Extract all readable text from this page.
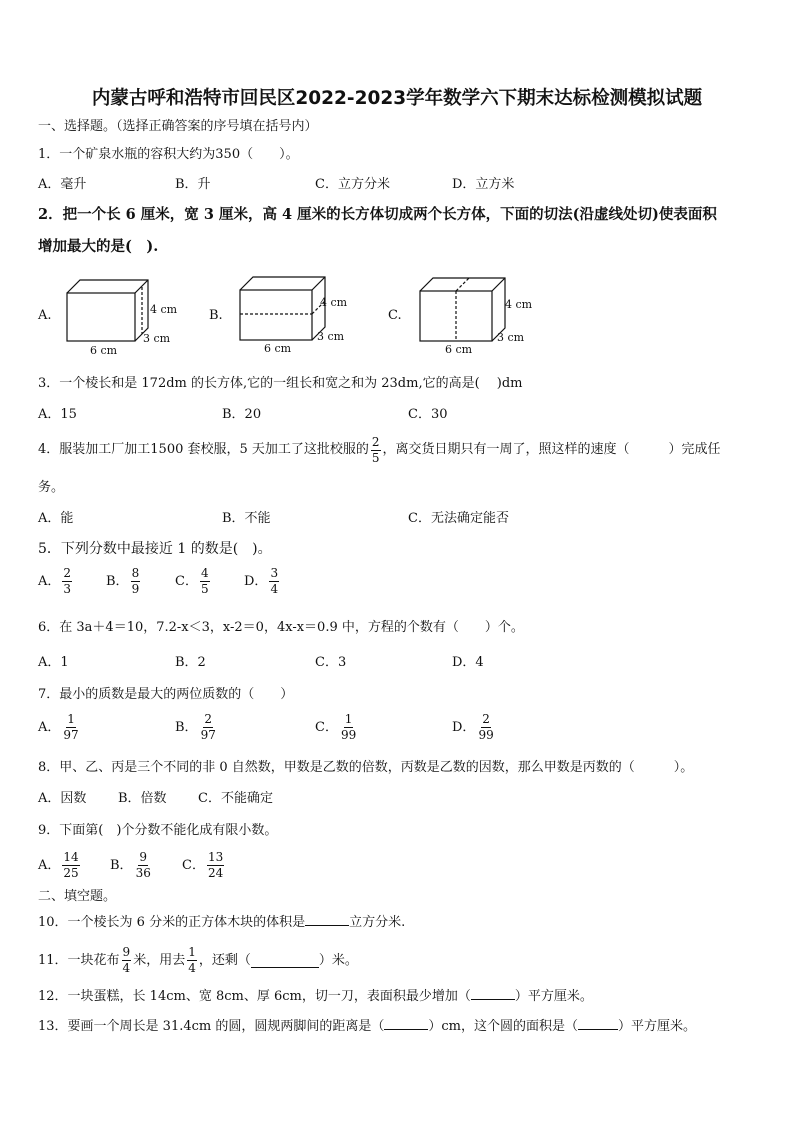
内蒙古呼和浩特市回民区2022-2023学年数学六下期末达标检测模拟试题
一、选择题。（选择正确答案的序号填在括号内）
1．一个矿泉水瓶的容积大约为350（　　）。
A．毫升	B．升	C．立方分米	D．立方米
2．把一个长 6 厘米，宽 3 厘米，高 4 厘米的长方体切成两个长方体，下面的切法(沿虚线处切)使表面积
增加最大的是(　).
A.	B.	C.
4 cm
3 cm
6 cm
4 cm
3 cm
6 cm
4 cm
3 cm
6 cm
3．一个棱长和是 172dm 的长方体,它的一组长和宽之和为 23dm,它的高是(　 )dm
A．15	B．20	C．30
4．服装加工厂加工1500 套校服，5 天加工了这批校服的 $\frac{2}{5}$ ，离交货日期只有一周了，照这样的速度（　　　）完成任
务。
A．能	B．不能	C．无法确定能否
5．下列分数中最接近 1 的数是(　)。
A． $\frac{2}{3}$	B． $\frac{8}{9}$	C． $\frac{4}{5}$	D． $\frac{3}{4}$
6．在 3a＋4＝10，7.2-x＜3，x-2＝0，4x-x＝0.9 中，方程的个数有（　　）个。
A．1	B．2	C．3	D．4
7．最小的质数是最大的两位质数的（　　）
A． $\frac{1}{97}$	B． $\frac{2}{97}$	C． $\frac{1}{99}$	D． $\frac{2}{99}$
8．甲、乙、丙是三个不同的非 0 自然数，甲数是乙数的倍数，丙数是乙数的因数，那么甲数是丙数的（　　　）。
A．因数 B．倍数 C．不能确定
9．下面第(　)个分数不能化成有限小数。
A． $\frac{14}{25}$ B． $\frac{9}{36}$ C． $\frac{13}{24}$
二、填空题。
10．一个棱长为 6 分米的正方体木块的体积是	立方分米.
11．一块花布 $\frac{9}{4}$ 米，用去 $\frac{1}{4}$ ，还剩（	）米。
12．一块蛋糕，长 14cm、宽 8cm、厚 6cm，切一刀，表面积最少增加（	）平方厘米。
13．要画一个周长是 31.4cm 的圆，圆规两脚间的距离是（	）cm，这个圆的面积是（	）平方厘米。
